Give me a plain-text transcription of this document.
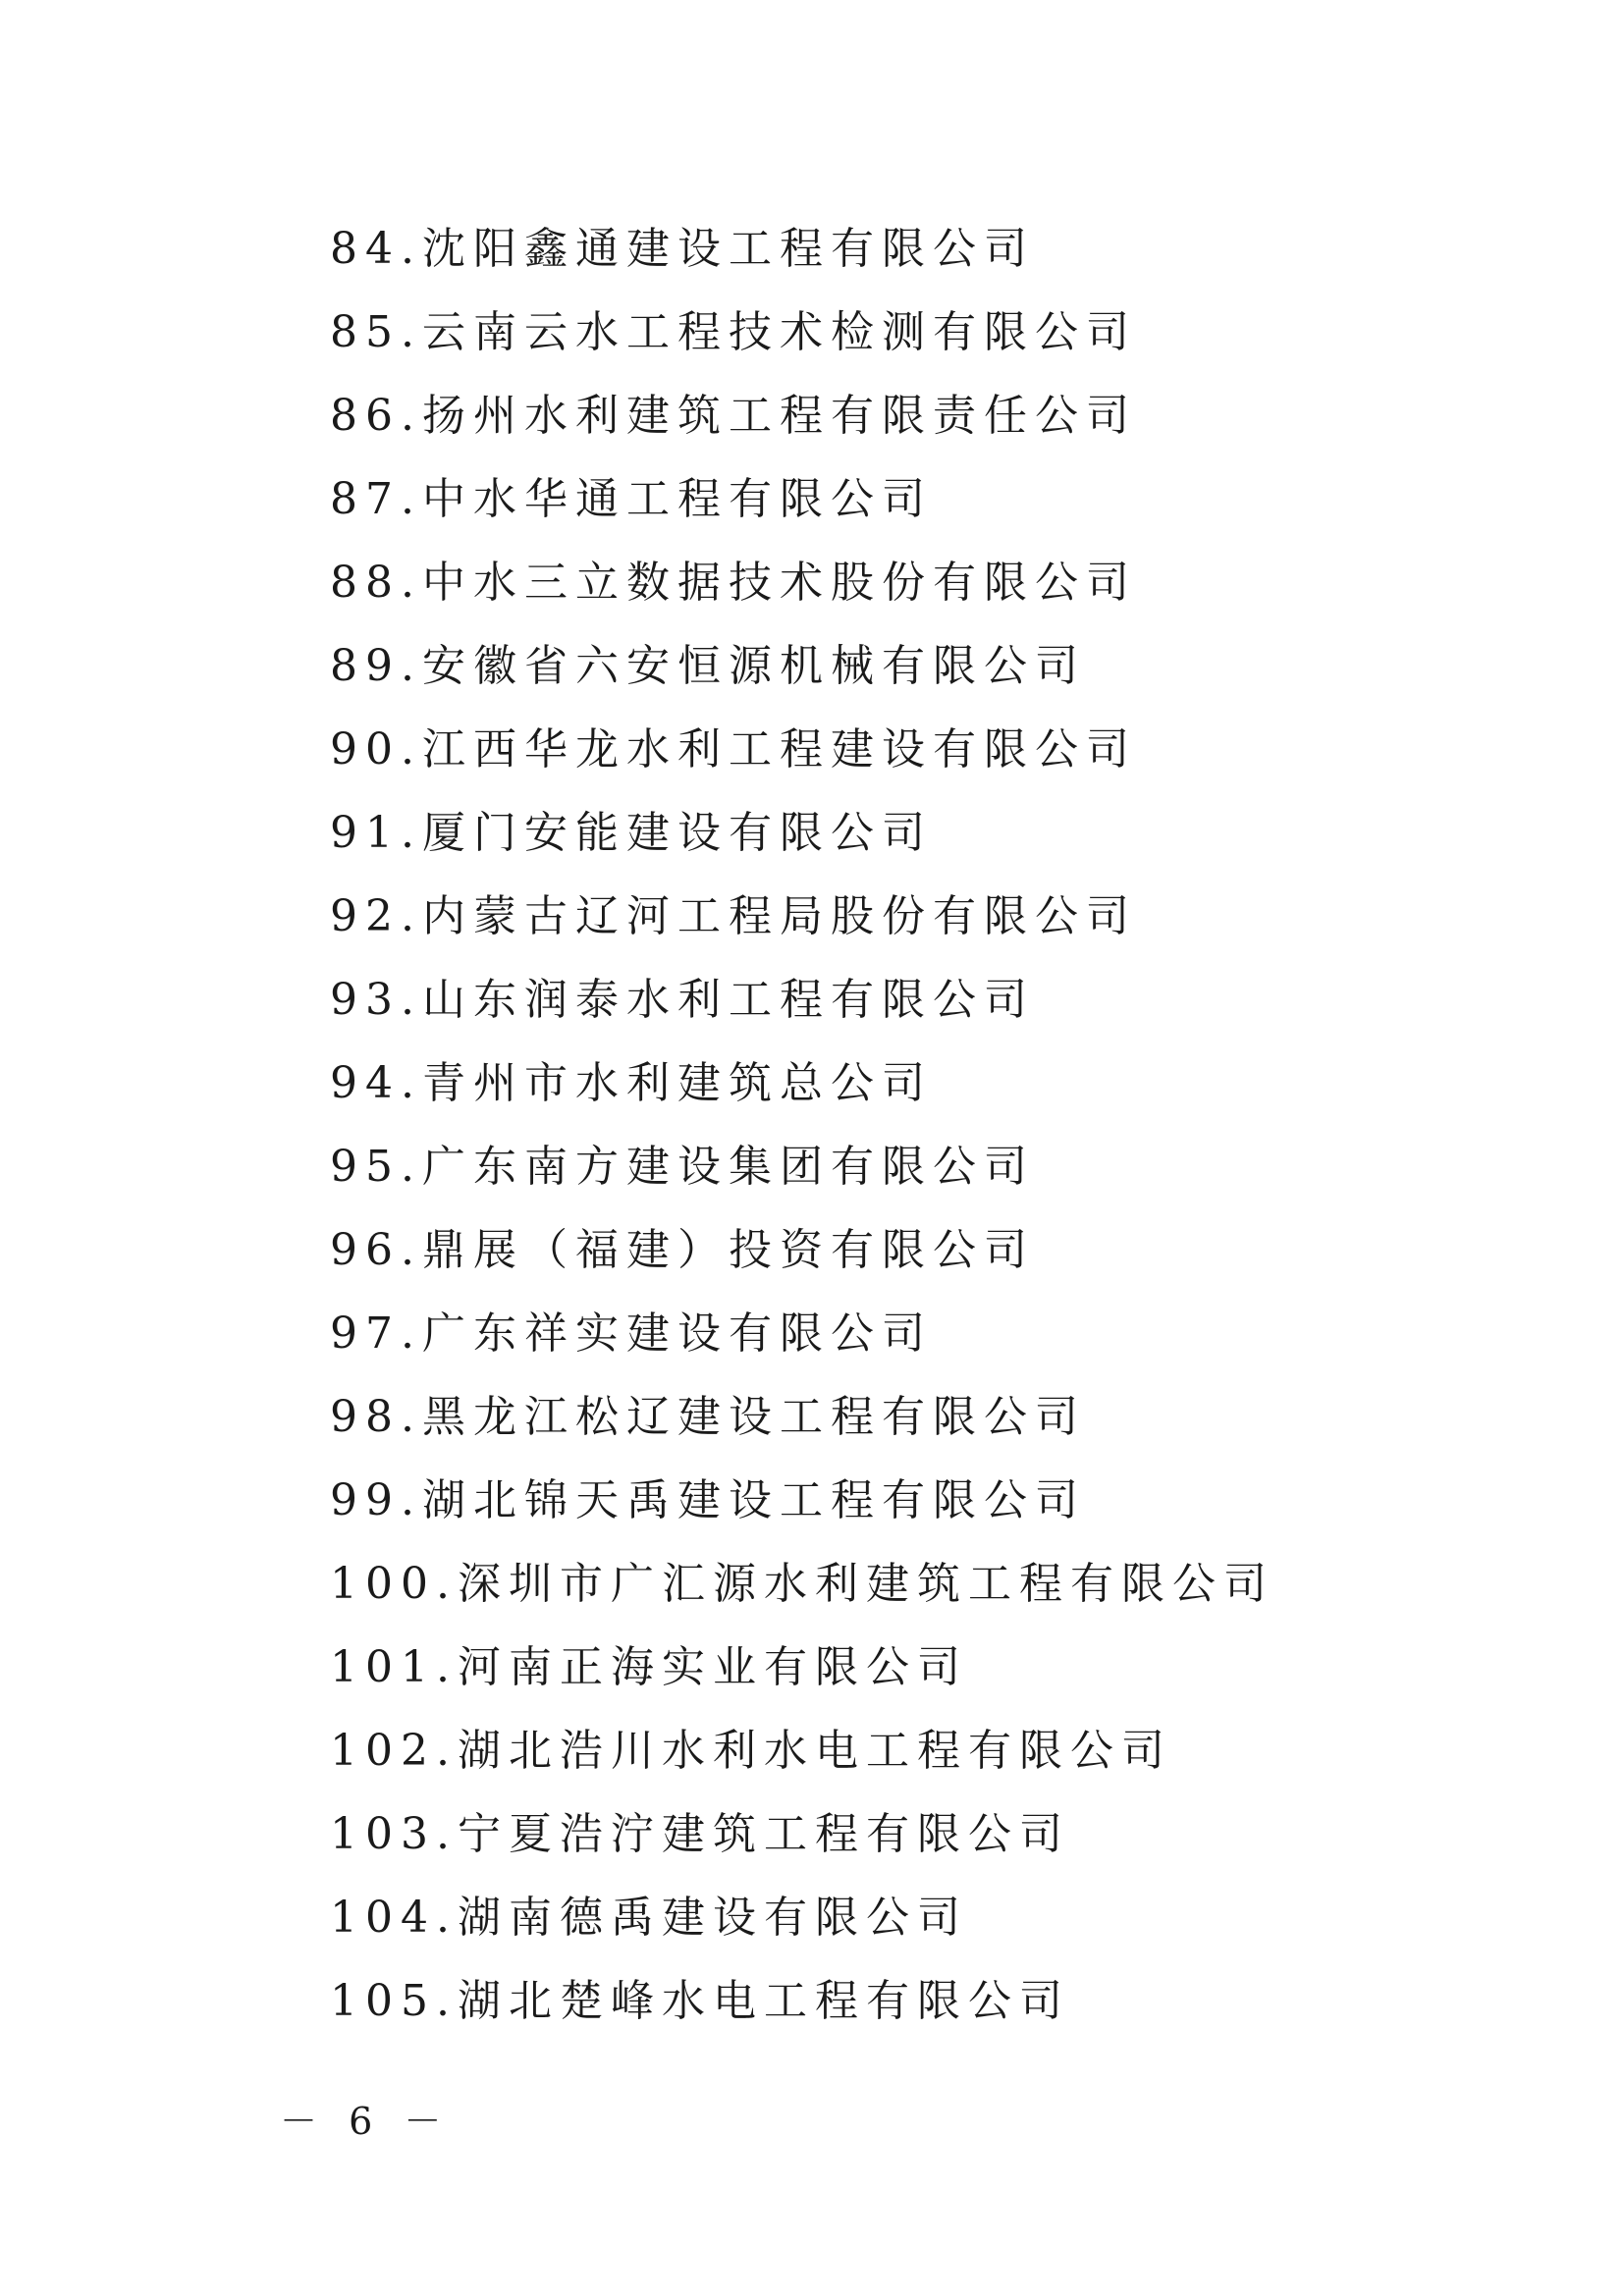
84.沈阳鑫通建设工程有限公司
85.云南云水工程技术检测有限公司
86.扬州水利建筑工程有限责任公司
87.中水华通工程有限公司
88.中水三立数据技术股份有限公司
89.安徽省六安恒源机械有限公司
90.江西华龙水利工程建设有限公司
91.厦门安能建设有限公司
92.内蒙古辽河工程局股份有限公司
93.山东润泰水利工程有限公司
94.青州市水利建筑总公司
95.广东南方建设集团有限公司
96.鼎展（福建）投资有限公司
97.广东祥实建设有限公司
98.黑龙江松辽建设工程有限公司
99.湖北锦天禹建设工程有限公司
100.深圳市广汇源水利建筑工程有限公司
101.河南正海实业有限公司
102.湖北浩川水利水电工程有限公司
103.宁夏浩泞建筑工程有限公司
104.湖南德禹建设有限公司
105.湖北楚峰水电工程有限公司
－ 6 －
